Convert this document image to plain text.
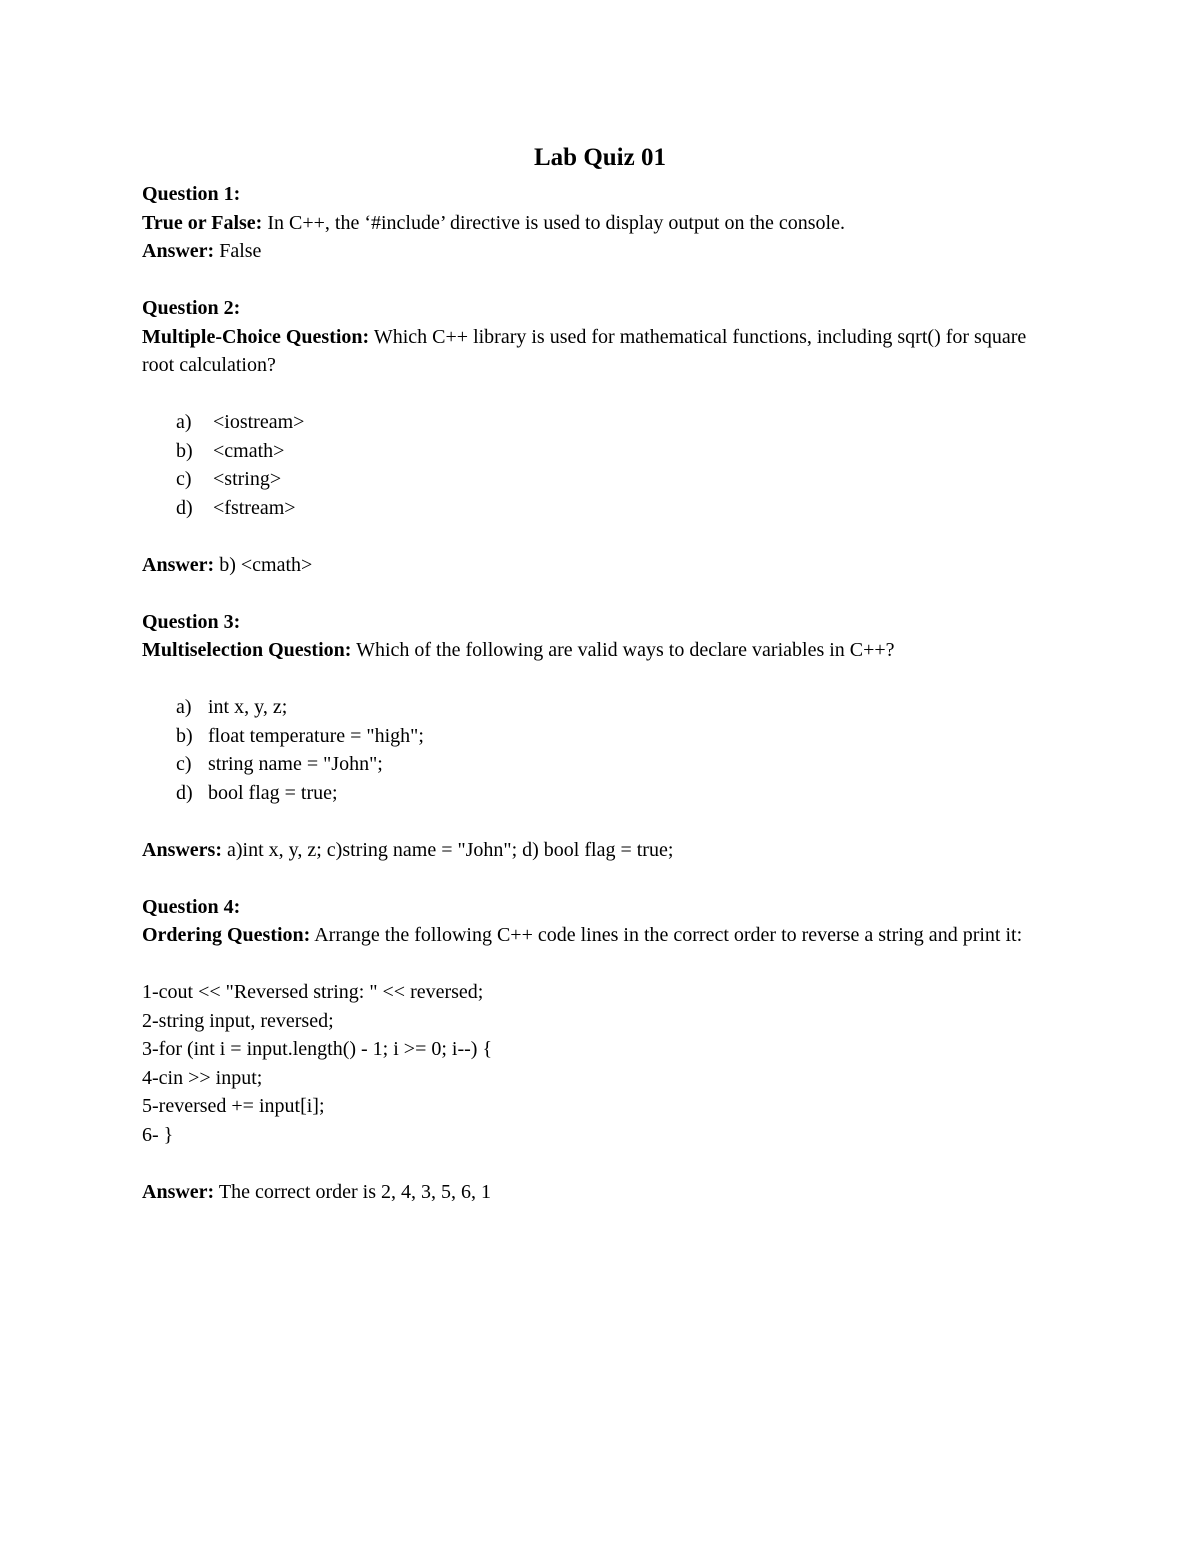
Lab Quiz 01

Question 1:

True or False: In C++, the ‘#include’ directive is used to display output on the console.

Answer: False

Question 2:

Multiple-Choice Question: Which C++ library is used for mathematical functions, including sqrt() for square root calculation?

a)	<iostream>
b)	<cmath>
c)	<string>
d)	<fstream>

Answer: b) <cmath>

Question 3:

Multiselection Question: Which of the following are valid ways to declare variables in C++?

a) int x, y, z;
b) float temperature = "high";
c) string name = "John";
d) bool flag = true;

Answers: a)int x, y, z; c)string name = "John"; d) bool flag = true;

Question 4:

Ordering Question: Arrange the following C++ code lines in the correct order to reverse a string and print it:

1-cout << "Reversed string: " << reversed;

2-string input, reversed;

3-for (int i = input.length() - 1; i >= 0; i--) {

4-cin >> input;

5-reversed += input[i];

6- }

Answer: The correct order is 2, 4, 3, 5, 6, 1
